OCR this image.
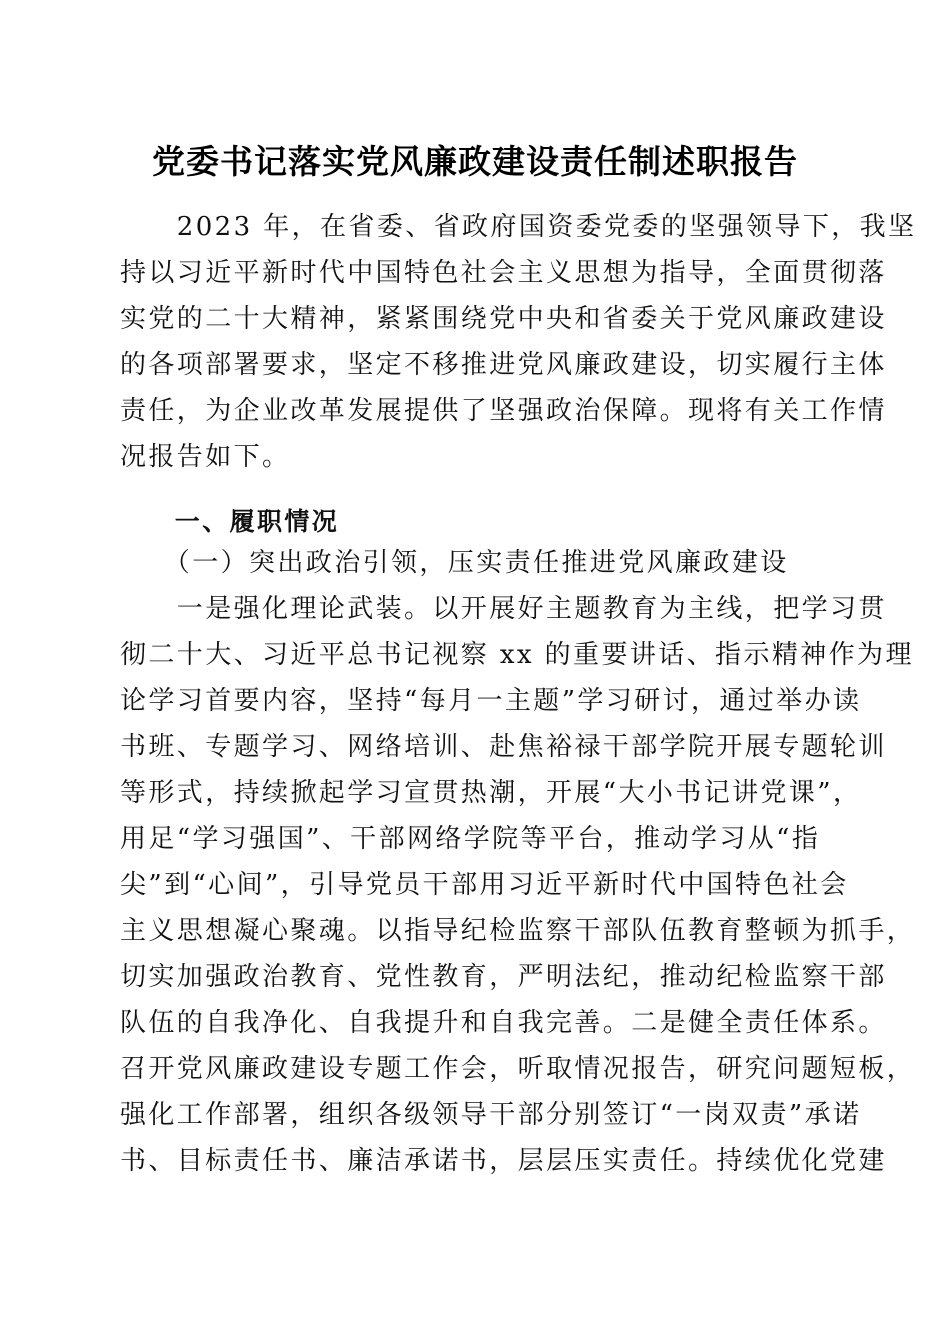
党委书记落实党风廉政建设责任制述职报告
　　2023 年，在省委、省政府国资委党委的坚强领导下，我坚
持以习近平新时代中国特色社会主义思想为指导，全面贯彻落
实党的二十大精神，紧紧围绕党中央和省委关于党风廉政建设
的各项部署要求，坚定不移推进党风廉政建设，切实履行主体
责任，为企业改革发展提供了坚强政治保障。现将有关工作情
况报告如下。
　　一、履职情况
　　（一）突出政治引领，压实责任推进党风廉政建设
　　一是强化理论武装。以开展好主题教育为主线，把学习贯
彻二十大、习近平总书记视察 xx 的重要讲话、指示精神作为理
论学习首要内容，坚持“每月一主题”学习研讨，通过举办读
书班、专题学习、网络培训、赴焦裕禄干部学院开展专题轮训
等形式，持续掀起学习宣贯热潮，开展“大小书记讲党课”，
用足“学习强国”、干部网络学院等平台，推动学习从“指
尖”到“心间”，引导党员干部用习近平新时代中国特色社会
主义思想凝心聚魂。以指导纪检监察干部队伍教育整顿为抓手，
切实加强政治教育、党性教育，严明法纪，推动纪检监察干部
队伍的自我净化、自我提升和自我完善。二是健全责任体系。
召开党风廉政建设专题工作会，听取情况报告，研究问题短板，
强化工作部署，组织各级领导干部分别签订“一岗双责”承诺
书、目标责任书、廉洁承诺书，层层压实责任。持续优化党建
